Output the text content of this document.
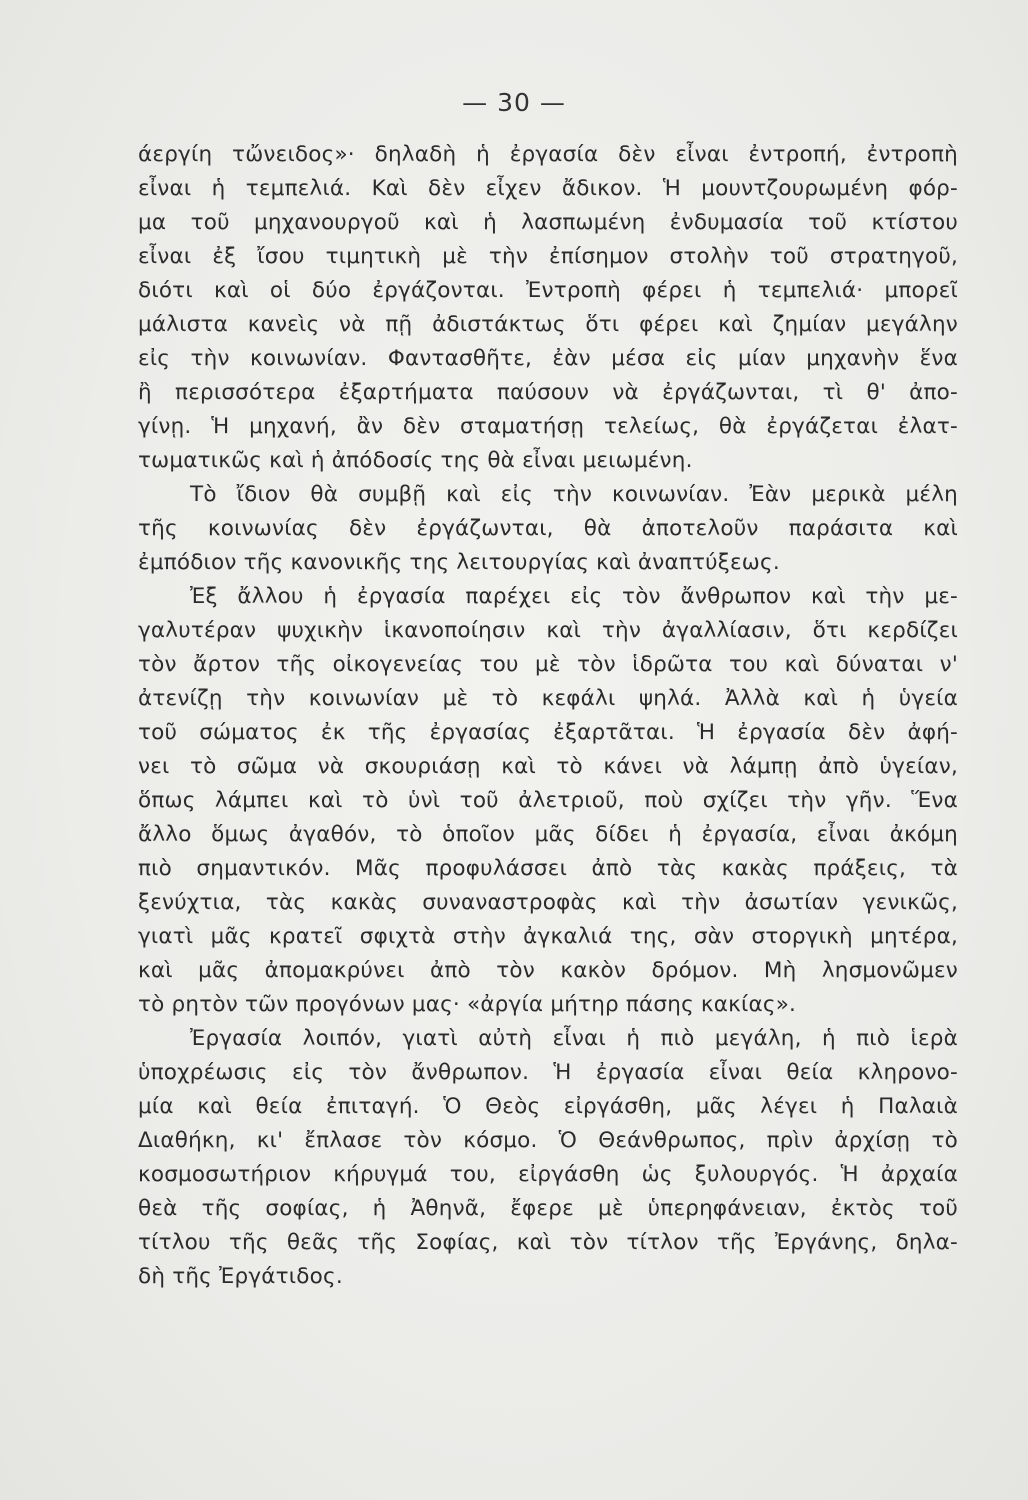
— 30 —
άεργίη τὤνειδος»· δηλαδὴ ἡ ἐργασία δὲν εἶναι ἐντροπή, ἐντροπὴ
εἶναι ἡ τεμπελιά. Καὶ δὲν εἶχεν ἄδικον. Ἡ μουντζουρωμένη φόρ-
μα τοῦ μηχανουργοῦ καὶ ἡ λασπωμένη ἐνδυμασία τοῦ κτίστου
εἶναι ἐξ ἴσου τιμητικὴ μὲ τὴν ἐπίσημον στολὴν τοῦ στρατηγοῦ,
διότι καὶ οἱ δύο ἐργάζονται. Ἐντροπὴ φέρει ἡ τεμπελιά· μπορεῖ
μάλιστα κανεὶς νὰ πῇ ἀδιστάκτως ὅτι φέρει καὶ ζημίαν μεγάλην
εἰς τὴν κοινωνίαν. Φαντασθῆτε, ἐὰν μέσα εἰς μίαν μηχανὴν ἕνα
ἢ περισσότερα ἐξαρτήματα παύσουν νὰ ἐργάζωνται, τὶ θ' ἀπο-
γίνῃ. Ἡ μηχανή, ἂν δὲν σταματήσῃ τελείως, θὰ ἐργάζεται ἐλατ-
τωματικῶς καὶ ἡ ἀπόδοσίς της θὰ εἶναι μειωμένη.
Τὸ ἴδιον θὰ συμβῇ καὶ εἰς τὴν κοινωνίαν. Ἐὰν μερικὰ μέλη
τῆς κοινωνίας δὲν ἐργάζωνται, θὰ ἀποτελοῦν παράσιτα καὶ
ἐμπόδιον τῆς κανονικῆς της λειτουργίας καὶ ἀναπτύξεως.
Ἐξ ἄλλου ἡ ἐργασία παρέχει εἰς τὸν ἄνθρωπον καὶ τὴν με-
γαλυτέραν ψυχικὴν ἱκανοποίησιν καὶ τὴν ἀγαλλίασιν, ὅτι κερδίζει
τὸν ἄρτον τῆς οἰκογενείας του μὲ τὸν ἱδρῶτα του καὶ δύναται ν'
ἀτενίζῃ τὴν κοινωνίαν μὲ τὸ κεφάλι ψηλά. Ἀλλὰ καὶ ἡ ὑγεία
τοῦ σώματος ἐκ τῆς ἐργασίας ἐξαρτᾶται. Ἡ ἐργασία δὲν ἀφή-
νει τὸ σῶμα νὰ σκουριάσῃ καὶ τὸ κάνει νὰ λάμπῃ ἀπὸ ὑγείαν,
ὅπως λάμπει καὶ τὸ ὑνὶ τοῦ ἀλετριοῦ, ποὺ σχίζει τὴν γῆν. Ἕνα
ἄλλο ὅμως ἀγαθόν, τὸ ὁποῖον μᾶς δίδει ἡ ἐργασία, εἶναι ἀκόμη
πιὸ σημαντικόν. Μᾶς προφυλάσσει ἀπὸ τὰς κακὰς πράξεις, τὰ
ξενύχτια, τὰς κακὰς συναναστροφὰς καὶ τὴν ἀσωτίαν γενικῶς,
γιατὶ μᾶς κρατεῖ σφιχτὰ στὴν ἀγκαλιά της, σὰν στοργικὴ μητέρα,
καὶ μᾶς ἀπομακρύνει ἀπὸ τὸν κακὸν δρόμον. Μὴ λησμονῶμεν
τὸ ρητὸν τῶν προγόνων μας· «ἀργία μήτηρ πάσης κακίας».
Ἐργασία λοιπόν, γιατὶ αὐτὴ εἶναι ἡ πιὸ μεγάλη, ἡ πιὸ ἱερὰ
ὑποχρέωσις εἰς τὸν ἄνθρωπον. Ἡ ἐργασία εἶναι θεία κληρονο-
μία καὶ θεία ἐπιταγή. Ὁ Θεὸς εἰργάσθη, μᾶς λέγει ἡ Παλαιὰ
Διαθήκη, κι' ἔπλασε τὸν κόσμο. Ὁ Θεάνθρωπος, πρὶν ἀρχίσῃ τὸ
κοσμοσωτήριον κήρυγμά του, εἰργάσθη ὡς ξυλουργός. Ἡ ἀρχαία
θεὰ τῆς σοφίας, ἡ Ἀθηνᾶ, ἔφερε μὲ ὑπερηφάνειαν, ἐκτὸς τοῦ
τίτλου τῆς θεᾶς τῆς Σοφίας, καὶ τὸν τίτλον τῆς Ἐργάνης, δηλα-
δὴ τῆς Ἐργάτιδος.
